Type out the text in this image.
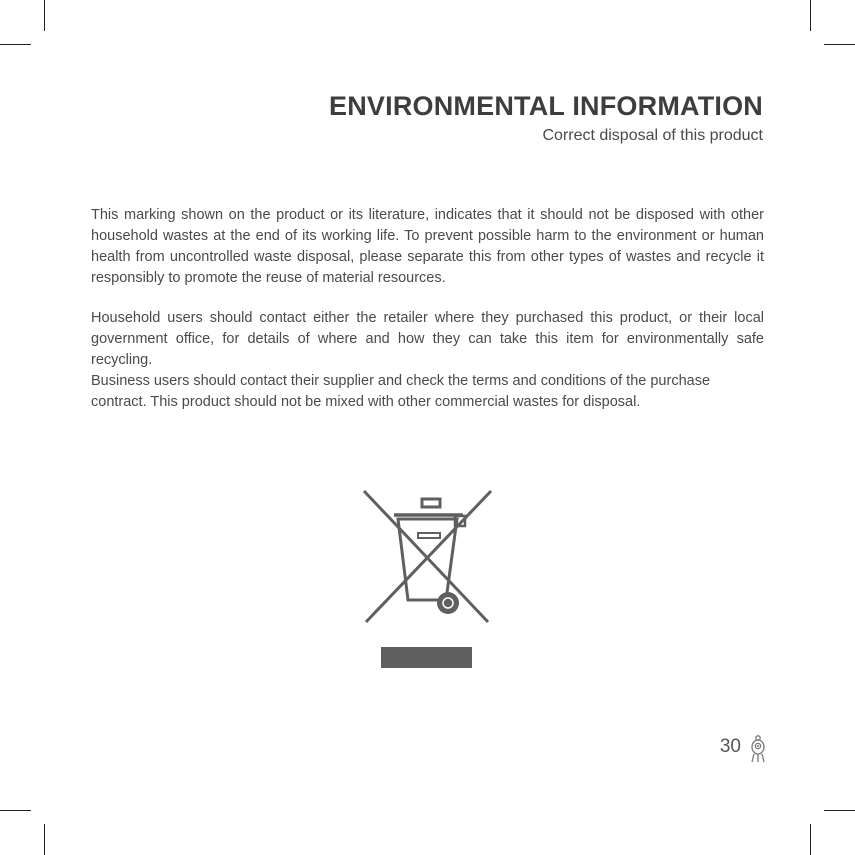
ENVIRONMENTAL INFORMATION
Correct disposal of this product

This marking shown on the product or its literature, indicates that it should not be disposed with other household wastes at the end of its working life. To prevent possible harm to the environment or human health from uncontrolled waste disposal, please separate this from other types of wastes and recycle it responsibly to promote the reuse of material resources.

Household users should contact either the retailer where they purchased this product, or their local government office, for details of where and how they can take this item for environmentally safe recycling.

Business users should contact their supplier and check the terms and conditions of the purchase contract. This product should not be mixed with other commercial wastes for disposal.

30
